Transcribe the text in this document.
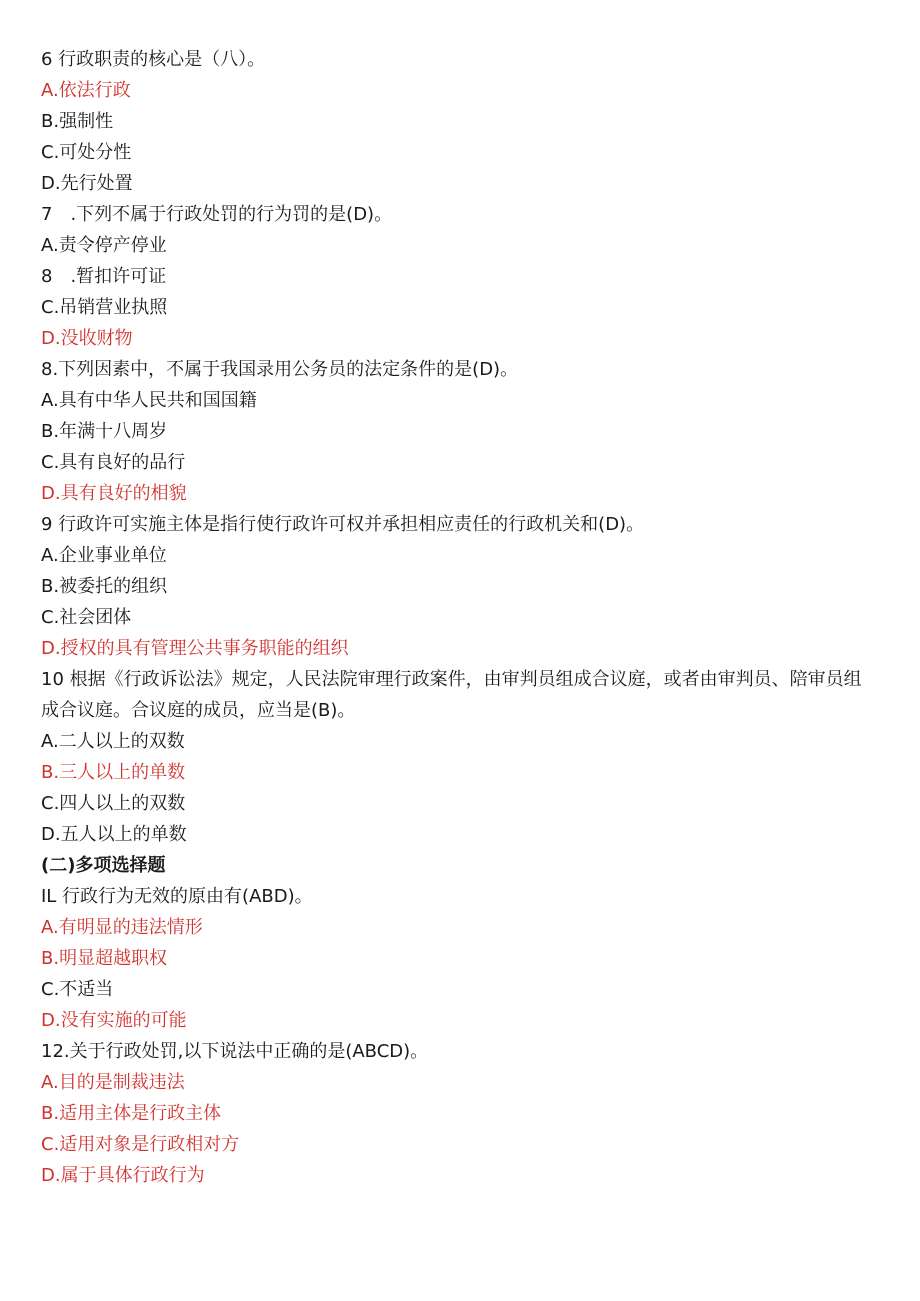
6 行政职责的核心是（八）。
A.依法行政
B.强制性
C.可处分性
D.先行处置
7　.下列不属于行政处罚的行为罚的是(D)。
A.责令停产停业
8　.暂扣许可证
C.吊销营业执照
D.没收财物
8.下列因素中，不属于我国录用公务员的法定条件的是(D)。
A.具有中华人民共和国国籍
B.年满十八周岁
C.具有良好的品行
D.具有良好的相貌
9 行政许可实施主体是指行使行政许可权并承担相应责任的行政机关和(D)。
A.企业事业单位
B.被委托的组织
C.社会团体
D.授权的具有管理公共事务职能的组织
10 根据《行政诉讼法》规定，人民法院审理行政案件，由审判员组成合议庭，或者由审判员、陪审员组成合议庭。合议庭的成员，应当是(B)。
A.二人以上的双数
B.三人以上的单数
C.四人以上的双数
D.五人以上的单数
(二)多项选择题
IL 行政行为无效的原由有(ABD)。
A.有明显的违法情形
B.明显超越职权
C.不适当
D.没有实施的可能
12.关于行政处罚,以下说法中正确的是(ABCD)。
A.目的是制裁违法
B.适用主体是行政主体
C.适用对象是行政相对方
D.属于具体行政行为
